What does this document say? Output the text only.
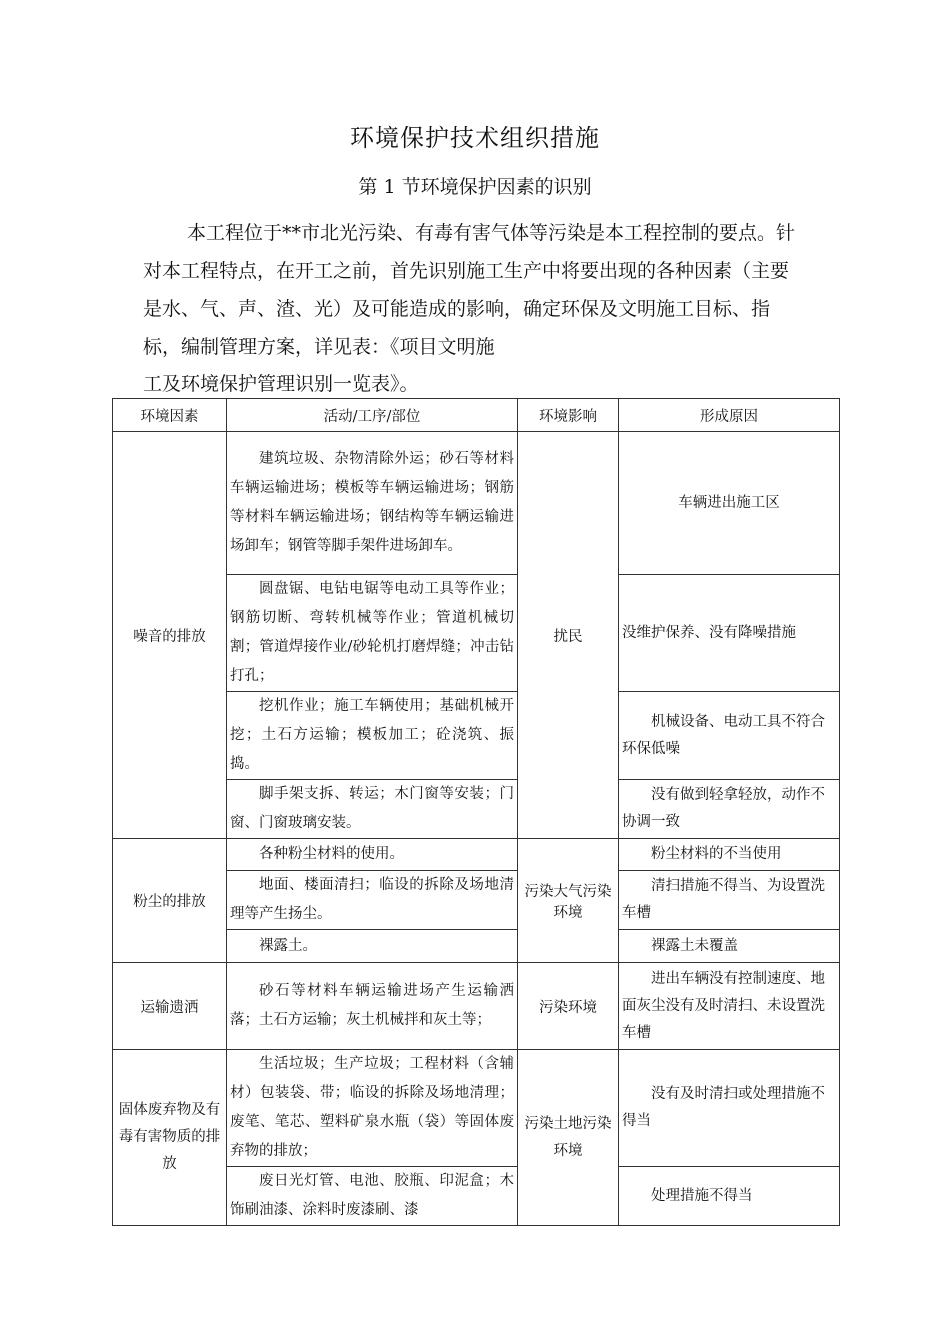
环境保护技术组织措施
第 1 节环境保护因素的识别

本工程位于**市北光污染、有毒有害气体等污染是本工程控制的要点。针

对本工程特点，在开工之前，首先识别施工生产中将要出现的各种因素（主要

是水、气、声、渣、光）及可能造成的影响，确定环保及文明施工目标、指

标，编制管理方案，详见表：《项目文明施

工及环境保护管理识别一览表》。

环境因素	活动/工序/部位	环境影响	形成原因
噪音的排放	建筑垃圾、杂物清除外运；砂石等材料车辆运输进场；模板等车辆运输进场；钢筋等材料车辆运输进场；钢结构等车辆运输进场卸车；钢管等脚手架件进场卸车。	扰民	车辆进出施工区
	圆盘锯、电钻电锯等电动工具等作业；钢筋切断、弯转机械等作业；管道机械切割；管道焊接作业/砂轮机打磨焊缝；冲击钻打孔；		没维护保养、没有降噪措施
	挖机作业；施工车辆使用；基础机械开挖；土石方运输；模板加工；砼浇筑、振捣。		机械设备、电动工具不符合环保低噪
	脚手架支拆、转运；木门窗等安装；门窗、门窗玻璃安装。		没有做到轻拿轻放，动作不协调一致
粉尘的排放	各种粉尘材料的使用。	污染大气污染环境	粉尘材料的不当使用
	地面、楼面清扫；临设的拆除及场地清理等产生扬尘。		清扫措施不得当、为设置洗车槽
	裸露土。		裸露土未覆盖
运输遗洒	砂石等材料车辆运输进场产生运输洒落；土石方运输；灰土机械拌和灰土等；	污染环境	进出车辆没有控制速度、地面灰尘没有及时清扫、未设置洗车槽
固体废弃物及有毒有害物质的排放	生活垃圾；生产垃圾；工程材料（含辅材）包装袋、带；临设的拆除及场地清理；废笔、笔芯、塑料矿泉水瓶（袋）等固体废弃物的排放；	污染土地污染环境	没有及时清扫或处理措施不得当
	废日光灯管、电池、胶瓶、印泥盒；木饰刷油漆、涂料时废漆刷、漆		处理措施不得当
